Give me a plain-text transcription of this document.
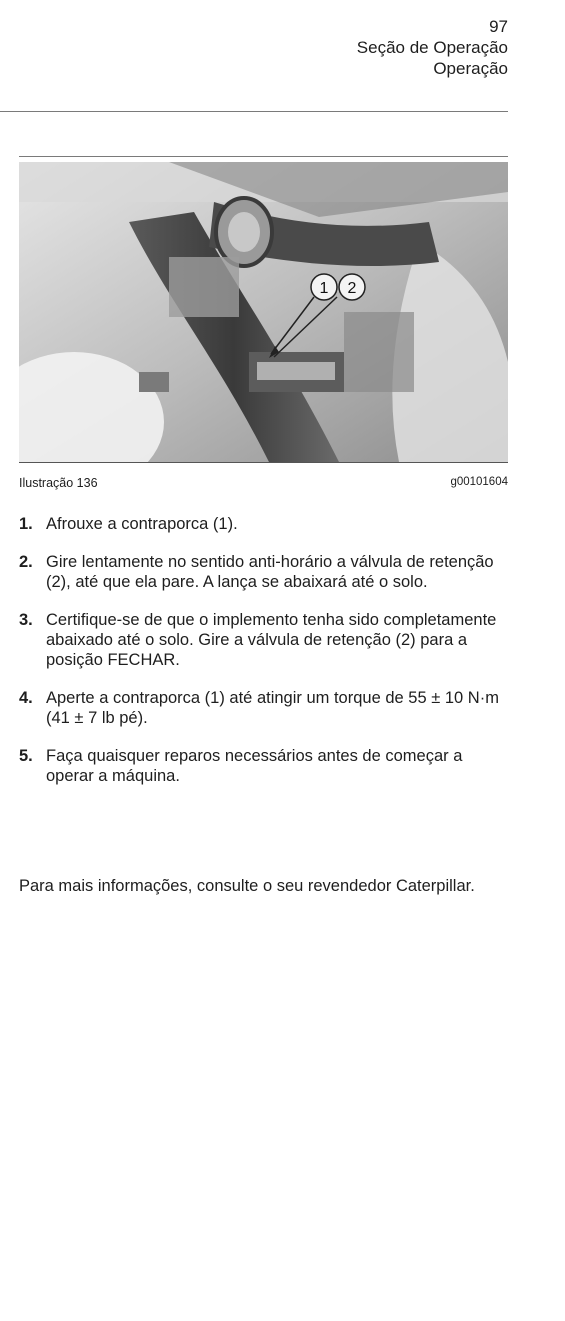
97
Seção de Operação
Operação
1 2
Ilustração 136	g00101604
1. Afrouxe a contraporca (1).
2. Gire lentamente no sentido anti-horário a válvula de retenção (2), até que ela pare. A lança se abaixará até o solo.
3. Certifique-se de que o implemento tenha sido completamente abaixado até o solo. Gire a válvula de retenção (2) para a posição FECHAR.
4. Aperte a contraporca (1) até atingir um torque de 55 ± 10 N·m (41 ± 7 lb pé).
5. Faça quaisquer reparos necessários antes de começar a operar a máquina.

Para mais informações, consulte o seu revendedor Caterpillar.
